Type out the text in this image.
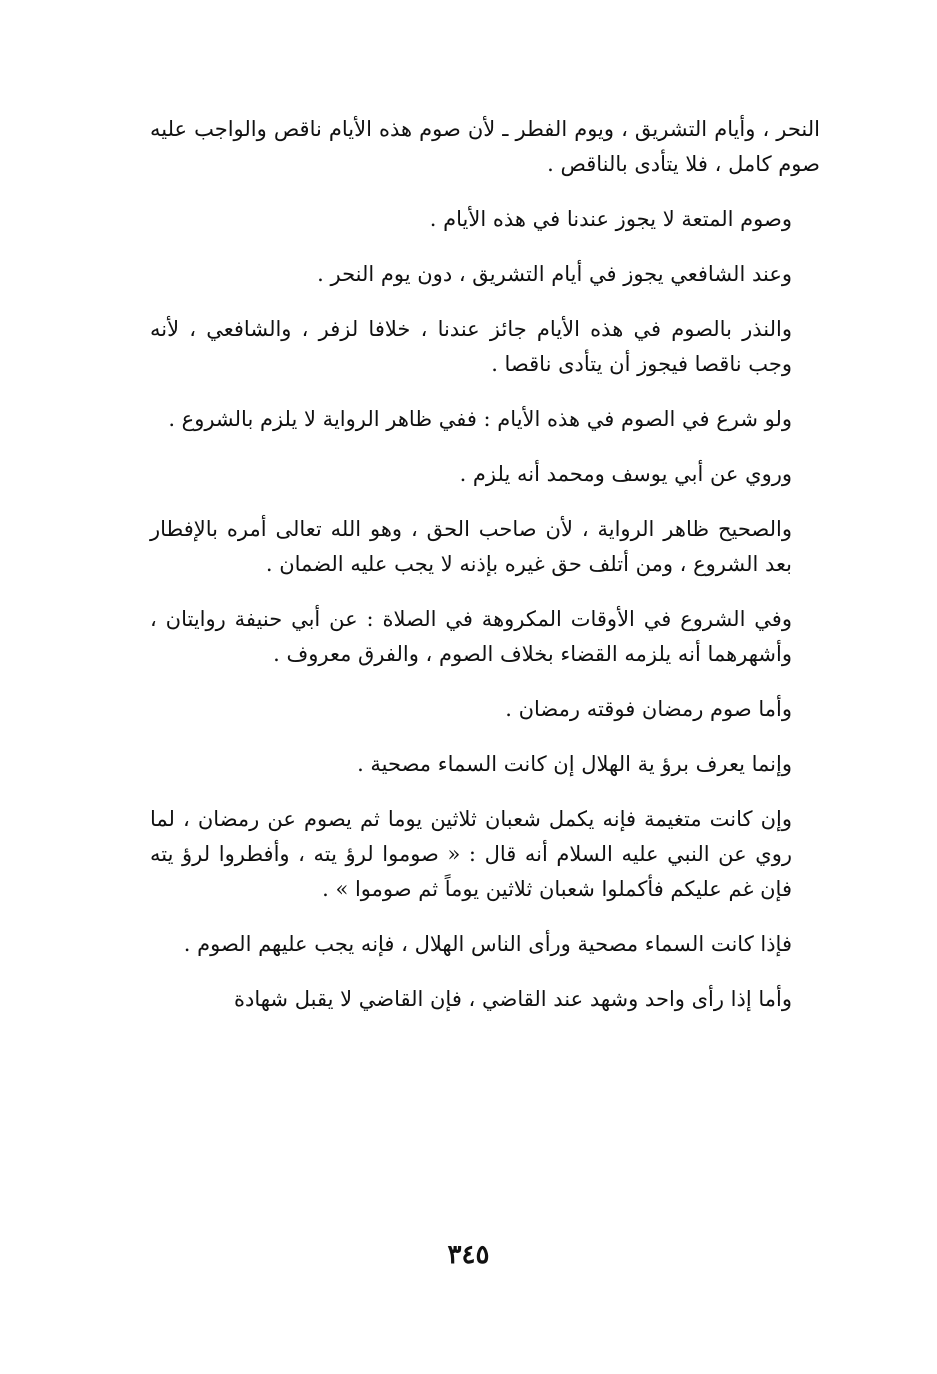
النحر ، وأيام التشريق ، ويوم الفطر ـ لأن صوم هذه الأيام ناقص والواجب عليه صوم كامل ، فلا يتأدى بالناقص .

وصوم المتعة لا يجوز عندنا في هذه الأيام .

وعند الشافعي يجوز في أيام التشريق ، دون يوم النحر .

والنذر بالصوم في هذه الأيام جائز عندنا ، خلافا لزفر ، والشافعي ، لأنه وجب ناقصا فيجوز أن يتأدى ناقصا .

ولو شرع في الصوم في هذه الأيام : ففي ظاهر الرواية لا يلزم بالشروع .

وروي عن أبي يوسف ومحمد أنه يلزم .

والصحيح ظاهر الرواية ، لأن صاحب الحق ، وهو الله تعالى أمره بالإفطار بعد الشروع ، ومن أتلف حق غيره بإذنه لا يجب عليه الضمان .

وفي الشروع في الأوقات المكروهة في الصلاة : عن أبي حنيفة روايتان ، وأشهرهما أنه يلزمه القضاء بخلاف الصوم ، والفرق معروف .

وأما صوم رمضان فوقته رمضان .

وإنما يعرف برؤ ية الهلال إن كانت السماء مصحية .

وإن كانت متغيمة فإنه يكمل شعبان ثلاثين يوما ثم يصوم عن رمضان ، لما روي عن النبي عليه السلام أنه قال : « صوموا لرؤ يته ، وأفطروا لرؤ يته فإن غم عليكم فأكملوا شعبان ثلاثين يوماً ثم صوموا » .

فإذا كانت السماء مصحية ورأى الناس الهلال ، فإنه يجب عليهم الصوم .

وأما إذا رأى واحد وشهد عند القاضي ، فإن القاضي لا يقبل شهادة

٣٤٥
